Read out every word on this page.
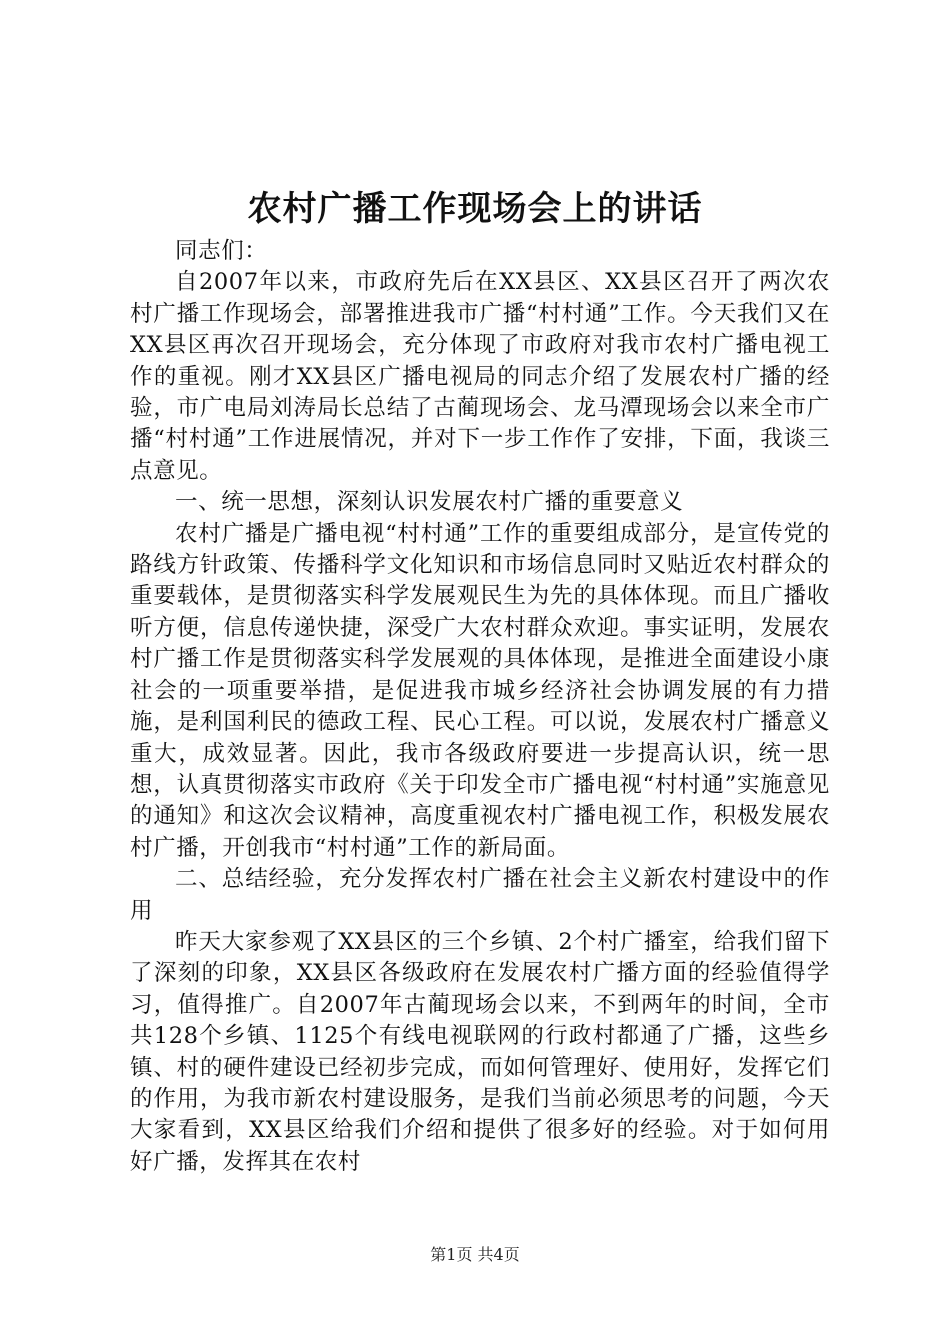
农村广播工作现场会上的讲话

同志们：

自2007年以来，市政府先后在XX县区、XX县区召开了两次农村广播工作现场会，部署推进我市广播“村村通”工作。今天我们又在XX县区再次召开现场会，充分体现了市政府对我市农村广播电视工作的重视。刚才XX县区广播电视局的同志介绍了发展农村广播的经验，市广电局刘涛局长总结了古蔺现场会、龙马潭现场会以来全市广播“村村通”工作进展情况，并对下一步工作作了安排，下面，我谈三点意见。

一、统一思想，深刻认识发展农村广播的重要意义

农村广播是广播电视“村村通”工作的重要组成部分，是宣传党的路线方针政策、传播科学文化知识和市场信息同时又贴近农村群众的重要载体，是贯彻落实科学发展观民生为先的具体体现。而且广播收听方便，信息传递快捷，深受广大农村群众欢迎。事实证明，发展农村广播工作是贯彻落实科学发展观的具体体现，是推进全面建设小康社会的一项重要举措，是促进我市城乡经济社会协调发展的有力措施，是利国利民的德政工程、民心工程。可以说，发展农村广播意义重大，成效显著。因此，我市各级政府要进一步提高认识，统一思想，认真贯彻落实市政府《关于印发全市广播电视“村村通”实施意见的通知》和这次会议精神，高度重视农村广播电视工作，积极发展农村广播，开创我市“村村通”工作的新局面。

二、总结经验，充分发挥农村广播在社会主义新农村建设中的作用

昨天大家参观了XX县区的三个乡镇、2个村广播室，给我们留下了深刻的印象，XX县区各级政府在发展农村广播方面的经验值得学习，值得推广。自2007年古蔺现场会以来，不到两年的时间，全市共128个乡镇、1125个有线电视联网的行政村都通了广播，这些乡镇、村的硬件建设已经初步完成，而如何管理好、使用好，发挥它们的作用，为我市新农村建设服务，是我们当前必须思考的问题，今天大家看到，XX县区给我们介绍和提供了很多好的经验。对于如何用好广播，发挥其在农村

第1页 共4页
